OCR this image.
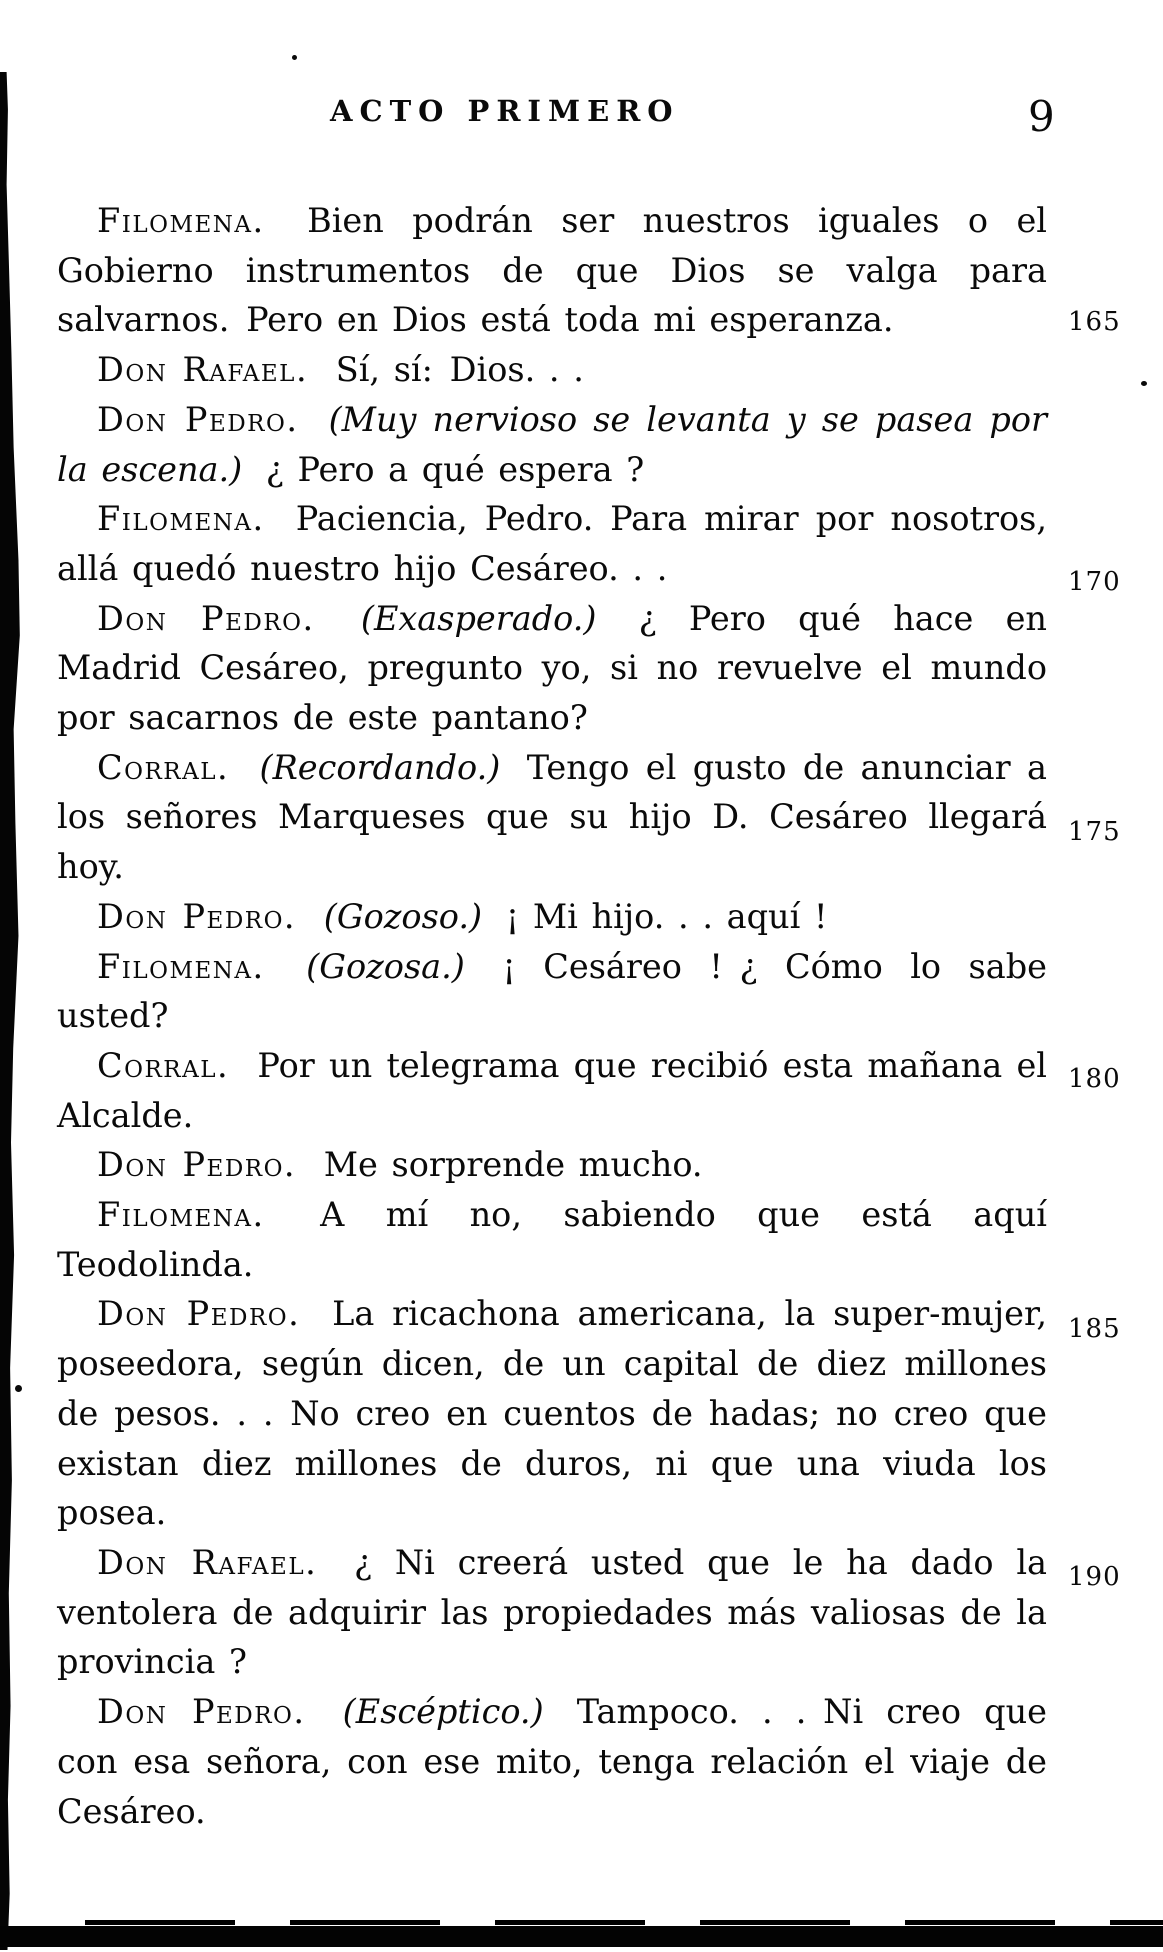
ACTO PRIMERO	9

Filomena. Bien podrán ser nuestros iguales o el Gobierno instrumentos de que Dios se valga para salvarnos. Pero en Dios está toda mi esperanza.

Don Rafael. Sí, sí: Dios. . .

Don Pedro. (Muy nervioso se levanta y se pasea por la escena.) ¿ Pero a qué espera ?

Filomena. Paciencia, Pedro. Para mirar por nosotros, allá quedó nuestro hijo Cesáreo. . .

Don Pedro. (Exasperado.) ¿ Pero qué hace en Madrid Cesáreo, pregunto yo, si no revuelve el mundo por sacarnos de este pantano?

Corral. (Recordando.) Tengo el gusto de anunciar a los señores Marqueses que su hijo D. Cesáreo llegará hoy.

Don Pedro. (Gozoso.) ¡ Mi hijo. . . aquí !

Filomena. (Gozosa.) ¡ Cesáreo ! ¿ Cómo lo sabe usted?

Corral. Por un telegrama que recibió esta mañana el Alcalde.

Don Pedro. Me sorprende mucho.

Filomena. A mí no, sabiendo que está aquí Teodolinda.

Don Pedro. La ricachona americana, la super-mujer, poseedora, según dicen, de un capital de diez millones de pesos. . . No creo en cuentos de hadas; no creo que existan diez millones de duros, ni que una viuda los posea.

Don Rafael. ¿ Ni creerá usted que le ha dado la ventolera de adquirir las propiedades más valiosas de la provincia ?

Don Pedro. (Escéptico.) Tampoco. . . Ni creo que con esa señora, con ese mito, tenga relación el viaje de Cesáreo.

165
170
175
180
185
190
